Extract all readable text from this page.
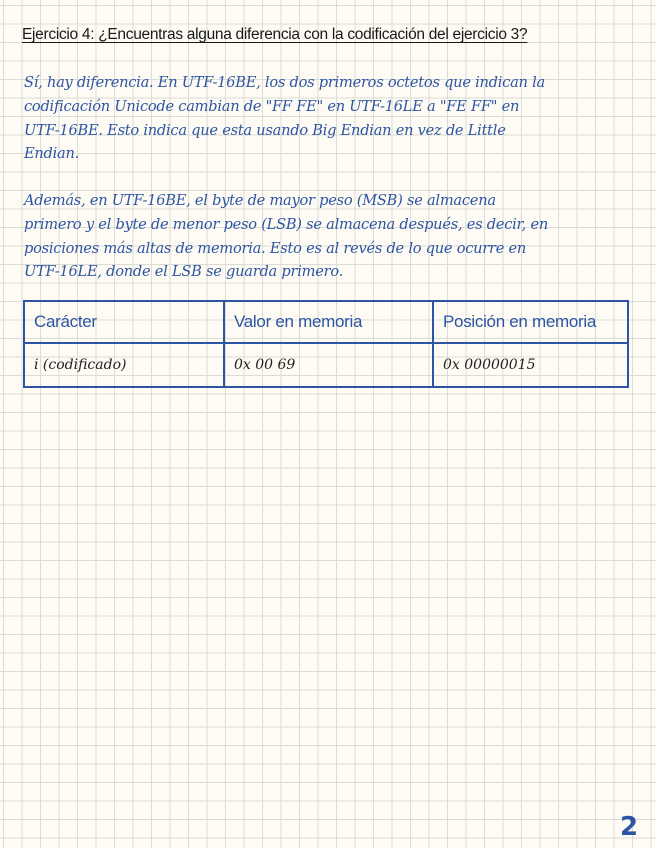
Ejercicio 4: ¿Encuentras alguna diferencia con la codificación del ejercicio 3?
Sí, hay diferencia. En UTF-16BE, los dos primeros octetos que indican la
codificación Unicode cambian de "FF FE" en UTF-16LE a "FE FF" en
UTF-16BE. Esto indica que esta usando Big Endian en vez de Little
Endian.
Además, en UTF-16BE, el byte de mayor peso (MSB) se almacena
primero y el byte de menor peso (LSB) se almacena después, es decir, en
posiciones más altas de memoria. Esto es al revés de lo que ocurre en
UTF-16LE, donde el LSB se guarda primero.
Carácter	Valor en memoria	Posición en memoria
i (codificado)	0x 00 69	0x 00000015
2
